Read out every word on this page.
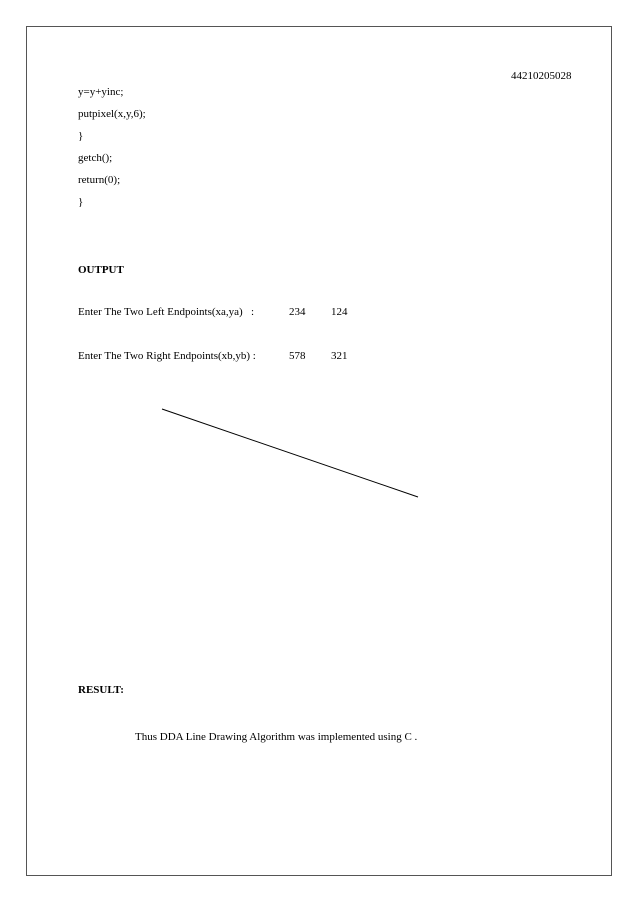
44210205028
y=y+yinc;
putpixel(x,y,6);
}
getch();
return(0);
}
OUTPUT
Enter The Two Left Endpoints(xa,ya)   :	234 124
Enter The Two Right Endpoints(xb,yb) :	578 321
RESULT:
Thus DDA Line Drawing Algorithm was implemented using C .
